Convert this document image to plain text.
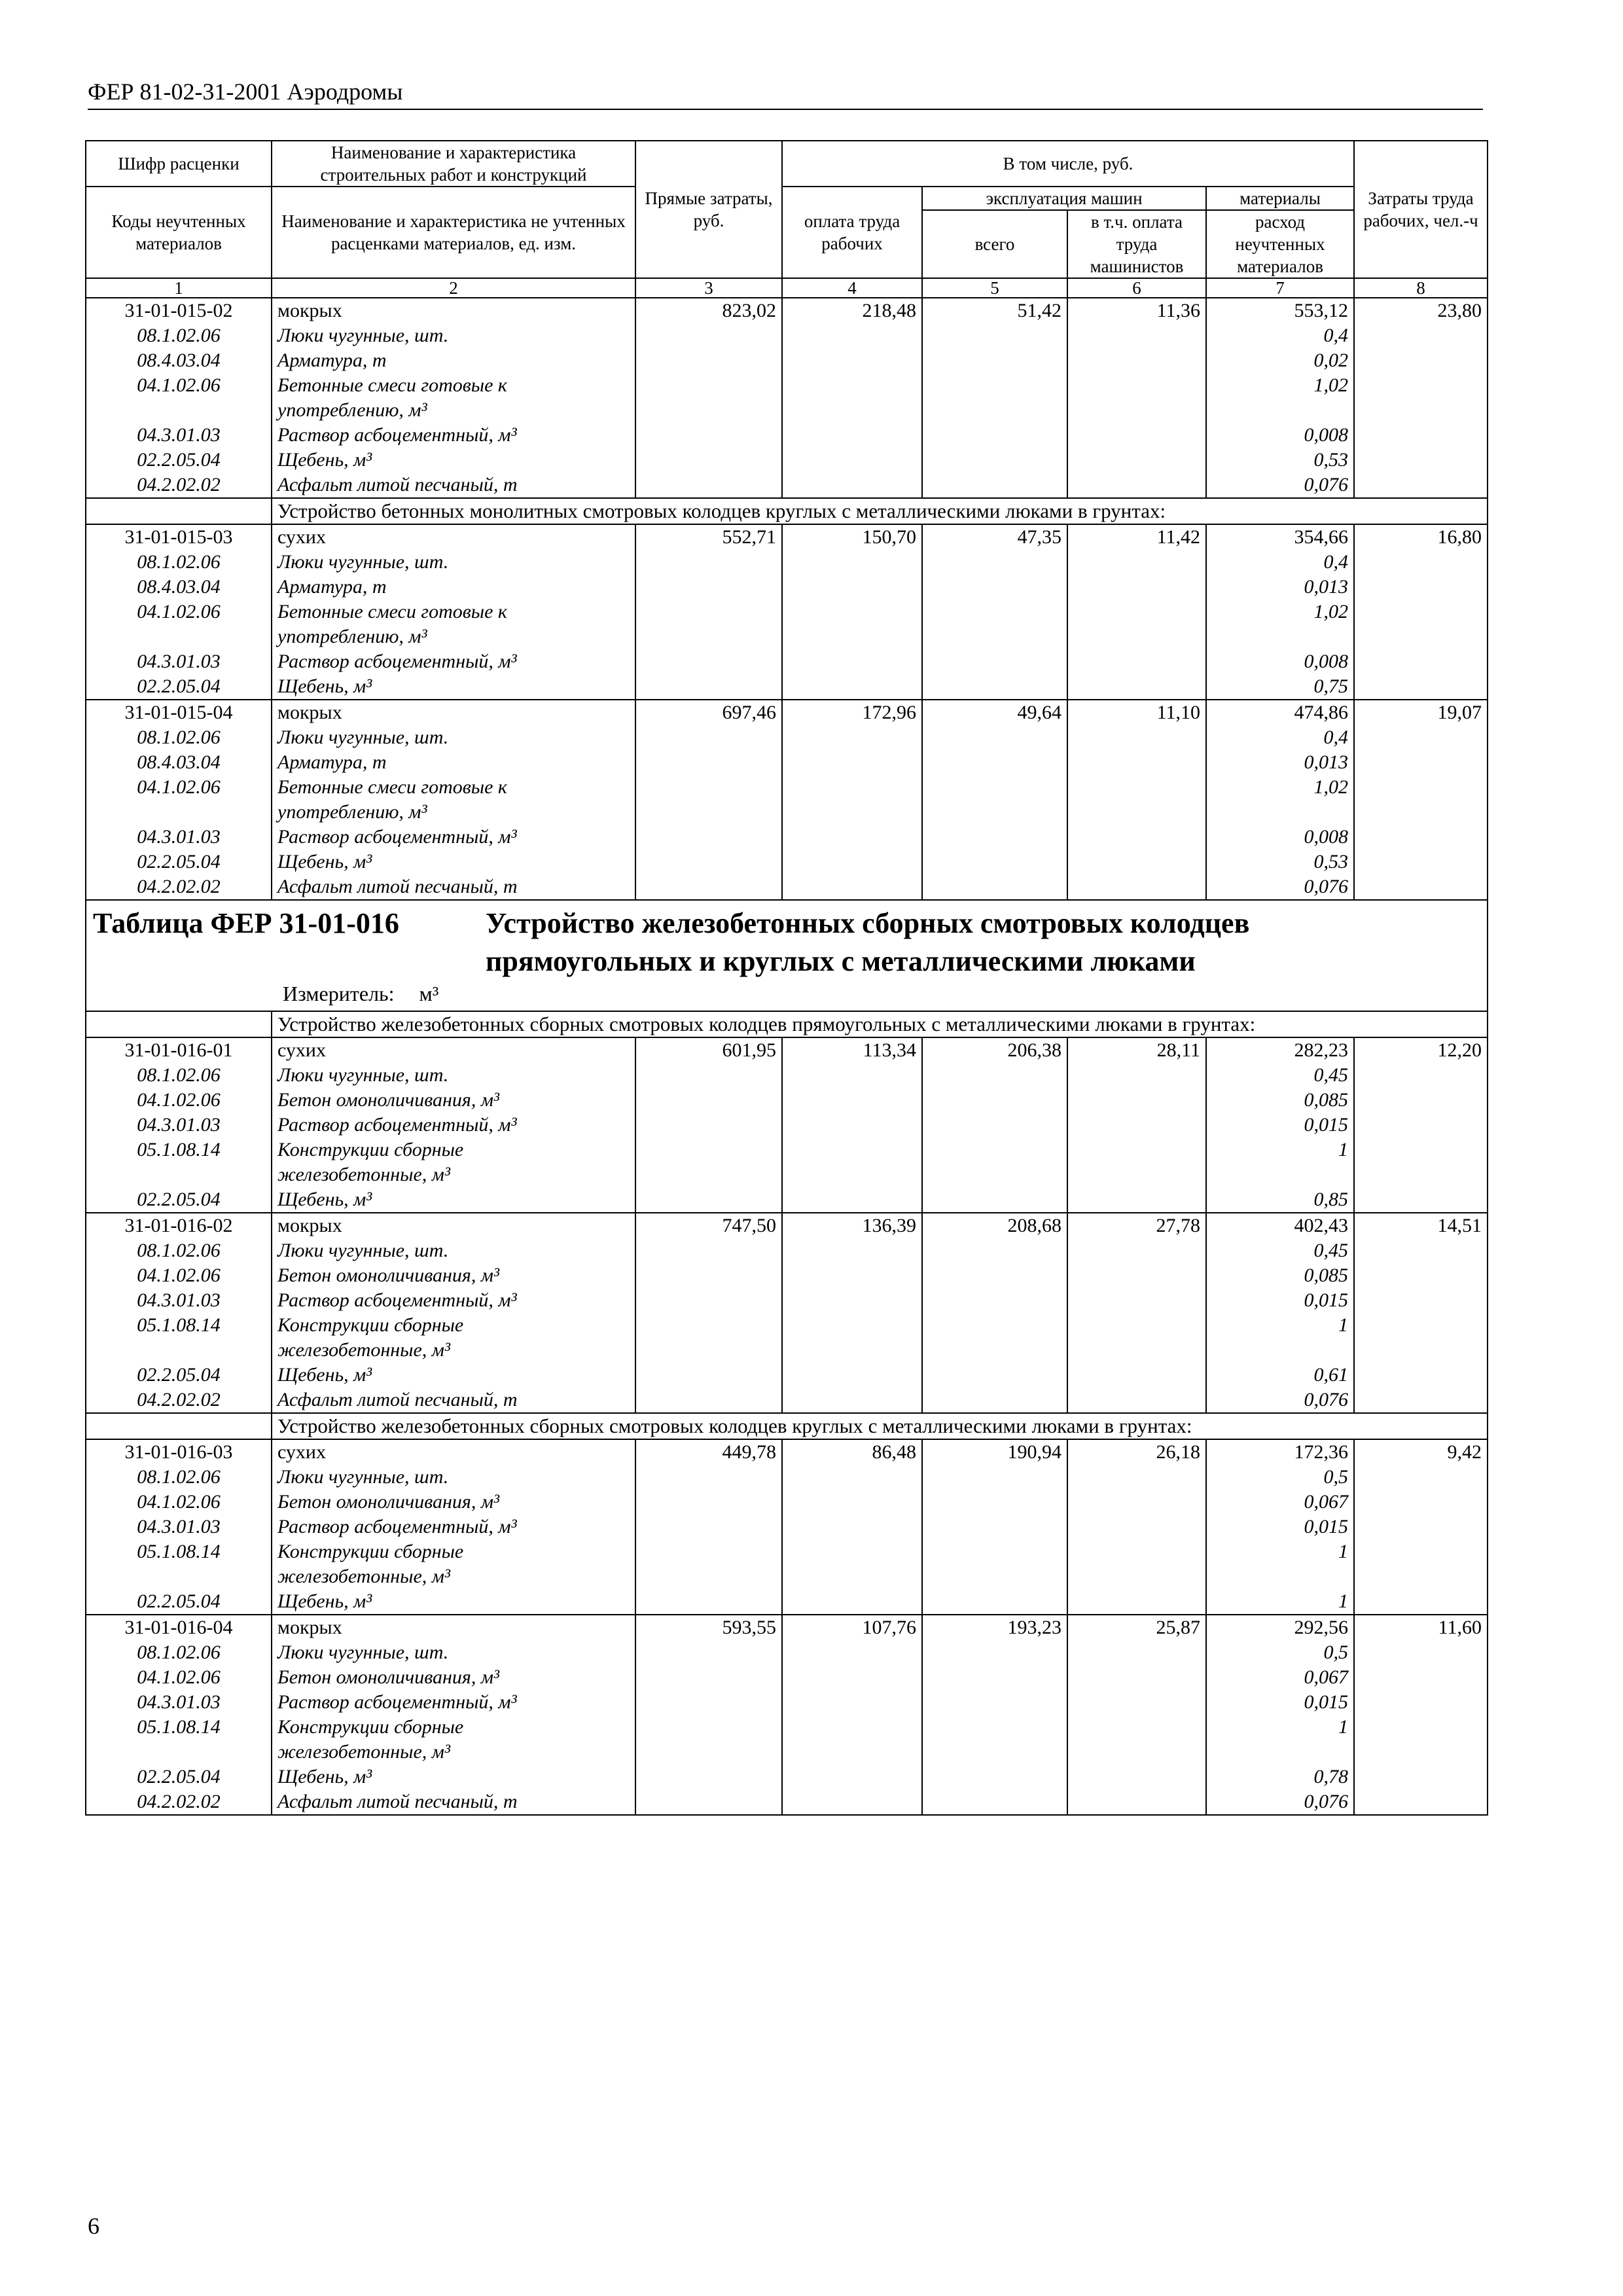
ФЕР 81-02-31-2001 Аэродромы
Шифр расценки	Наименование и характеристика строительных работ и конструкций	Прямые затраты, руб.	В том числе, руб.				Затраты труда рабочих, чел.-ч
Коды неучтенных материалов	Наименование и характеристика не учтенных расценками материалов, ед. изм.		оплата труда рабочих	эксплуатация машин		материалы	
				всего	в т.ч. оплата труда машинистов	расход неучтенных материалов	
1	2	3	4	5	6	7	8
31-01-015-02	мокрых	823,02	218,48	51,42	11,36	553,12	23,80
08.1.02.06	Люки чугунные, шт.					0,4	
08.4.03.04	Арматура, т					0,02	
04.1.02.06	Бетонные смеси готовые к					1,02	
	употреблению, м³						
04.3.01.03	Раствор асбоцементный, м³					0,008	
02.2.05.04	Щебень, м³					0,53	
04.2.02.02	Асфальт литой песчаный, т					0,076	
	Устройство бетонных монолитных смотровых колодцев круглых с металлическими люками в грунтах:						
31-01-015-03	сухих	552,71	150,70	47,35	11,42	354,66	16,80
08.1.02.06	Люки чугунные, шт.					0,4	
08.4.03.04	Арматура, т					0,013	
04.1.02.06	Бетонные смеси готовые к					1,02	
	употреблению, м³						
04.3.01.03	Раствор асбоцементный, м³					0,008	
02.2.05.04	Щебень, м³					0,75	
31-01-015-04	мокрых	697,46	172,96	49,64	11,10	474,86	19,07
08.1.02.06	Люки чугунные, шт.					0,4	
08.4.03.04	Арматура, т					0,013	
04.1.02.06	Бетонные смеси готовые к					1,02	
	употреблению, м³						
04.3.01.03	Раствор асбоцементный, м³					0,008	
02.2.05.04	Щебень, м³					0,53	
04.2.02.02	Асфальт литой песчаный, т					0,076	
Таблица ФЕР 31-01-016 Устройство железобетонных сборных смотровых колодцев прямоугольных и круглых с металлическими люками
Измеритель: м³							

	Устройство железобетонных сборных смотровых колодцев прямоугольных с металлическими люками в грунтах:						
31-01-016-01	сухих	601,95	113,34	206,38	28,11	282,23	12,20
08.1.02.06	Люки чугунные, шт.					0,45	
04.1.02.06	Бетон омоноличивания, м³					0,085	
04.3.01.03	Раствор асбоцементный, м³					0,015	
05.1.08.14	Конструкции сборные					1	
	железобетонные, м³						
02.2.05.04	Щебень, м³					0,85	
31-01-016-02	мокрых	747,50	136,39	208,68	27,78	402,43	14,51
08.1.02.06	Люки чугунные, шт.					0,45	
04.1.02.06	Бетон омоноличивания, м³					0,085	
04.3.01.03	Раствор асбоцементный, м³					0,015	
05.1.08.14	Конструкции сборные					1	
	железобетонные, м³						
02.2.05.04	Щебень, м³					0,61	
04.2.02.02	Асфальт литой песчаный, т					0,076	
	Устройство железобетонных сборных смотровых колодцев круглых с металлическими люками в грунтах:						
31-01-016-03	сухих	449,78	86,48	190,94	26,18	172,36	9,42
08.1.02.06	Люки чугунные, шт.					0,5	
04.1.02.06	Бетон омоноличивания, м³					0,067	
04.3.01.03	Раствор асбоцементный, м³					0,015	
05.1.08.14	Конструкции сборные					1	
	железобетонные, м³						
02.2.05.04	Щебень, м³					1	
31-01-016-04	мокрых	593,55	107,76	193,23	25,87	292,56	11,60
08.1.02.06	Люки чугунные, шт.					0,5	
04.1.02.06	Бетон омоноличивания, м³					0,067	
04.3.01.03	Раствор асбоцементный, м³					0,015	
05.1.08.14	Конструкции сборные					1	
	железобетонные, м³						
02.2.05.04	Щебень, м³					0,78	
04.2.02.02	Асфальт литой песчаный, т					0,076	
6
